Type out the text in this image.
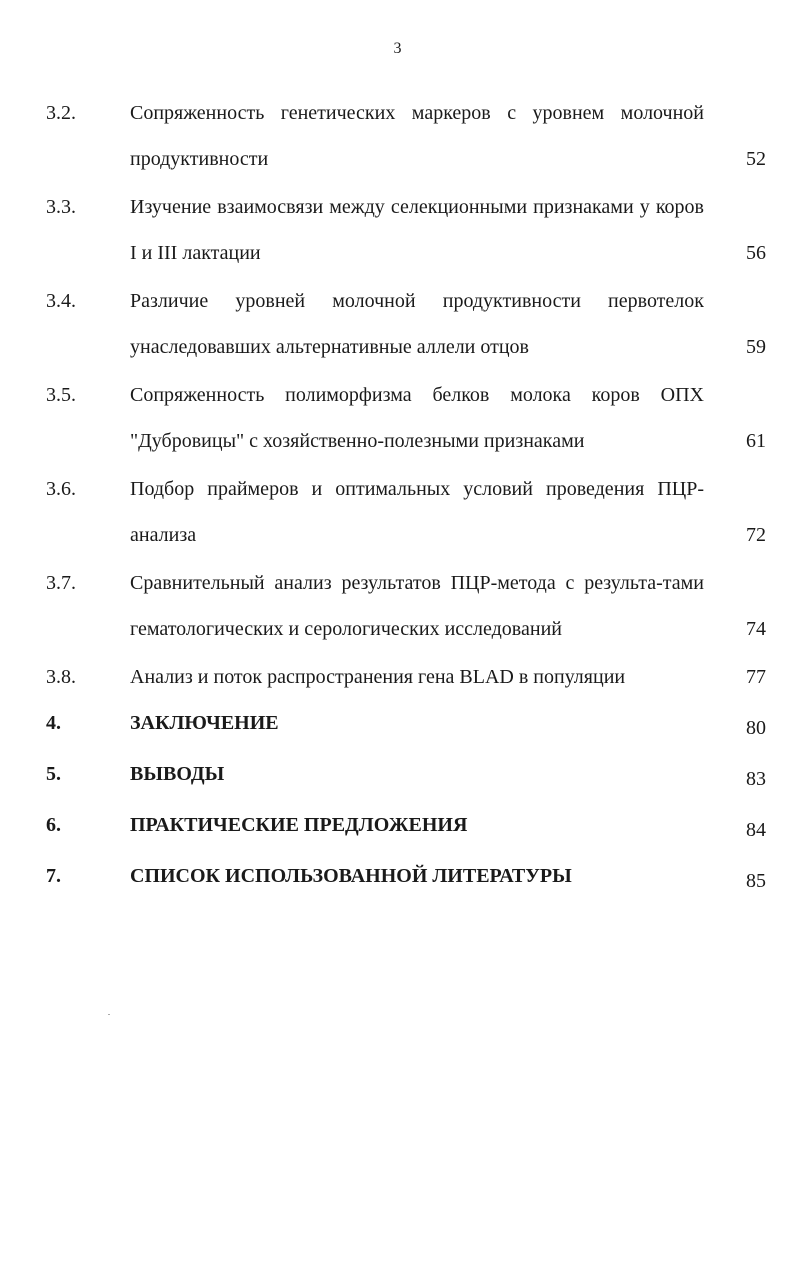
3
3.2.	Сопряженность генетических маркеров с уровнем молочной продуктивности	52
3.3.	Изучение взаимосвязи между селекционными признаками у коров I и III лактации	56
3.4.	Различие уровней молочной продуктивности первотелок унаследовавших альтернативные аллели отцов	59
3.5.	Сопряженность полиморфизма белков молока коров ОПХ "Дубровицы" с хозяйственно-полезными признаками	61
3.6.	Подбор праймеров и оптимальных условий проведения ПЦР-анализа	72
3.7.	Сравнительный анализ результатов ПЦР-метода с результа-тами гематологических и серологических исследований	74
3.8.	Анализ и поток распространения гена BLAD в популяции	77
4.	ЗАКЛЮЧЕНИЕ	80
5.	ВЫВОДЫ	83
6.	ПРАКТИЧЕСКИЕ ПРЕДЛОЖЕНИЯ	84
7.	СПИСОК ИСПОЛЬЗОВАННОЙ ЛИТЕРАТУРЫ	85
